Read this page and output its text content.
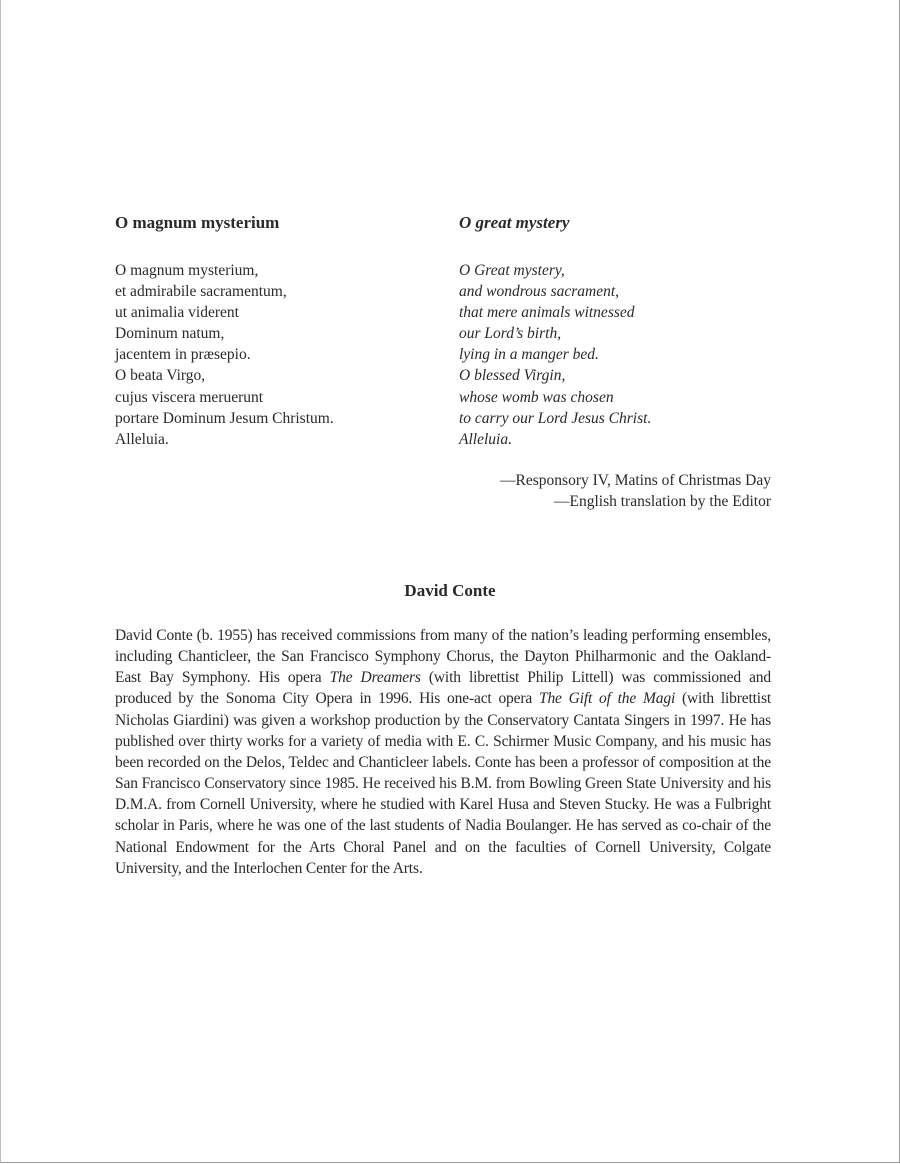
O magnum mysterium
O magnum mysterium,
et admirabile sacramentum,
ut animalia viderent
Dominum natum,
jacentem in præsepio.
O beata Virgo,
cujus viscera meruerunt
portare Dominum Jesum Christum.
Alleluia.
O great mystery
O Great mystery,
and wondrous sacrament,
that mere animals witnessed
our Lord’s birth,
lying in a manger bed.
O blessed Virgin,
whose womb was chosen
to carry our Lord Jesus Christ.
Alleluia.
—Responsory IV, Matins of Christmas Day
—English translation by the Editor
David Conte

David Conte (b. 1955) has received commissions from many of the nation’s leading performing ensembles, including Chanticleer, the San Francisco Symphony Chorus, the Dayton Philharmonic and the Oakland-East Bay Symphony. His opera The Dreamers (with librettist Philip Littell) was commissioned and produced by the Sonoma City Opera in 1996. His one-act opera The Gift of the Magi (with librettist Nicholas Giardini) was given a workshop production by the Conservatory Cantata Singers in 1997. He has published over thirty works for a variety of media with E. C. Schirmer Music Company, and his music has been recorded on the Delos, Teldec and Chanticleer labels. Conte has been a professor of composition at the San Francisco Conservatory since 1985. He received his B.M. from Bowling Green State University and his D.M.A. from Cornell University, where he studied with Karel Husa and Steven Stucky. He was a Fulbright scholar in Paris, where he was one of the last students of Nadia Boulanger. He has served as co-chair of the National Endowment for the Arts Choral Panel and on the faculties of Cornell University, Colgate University, and the Interlochen Center for the Arts.
